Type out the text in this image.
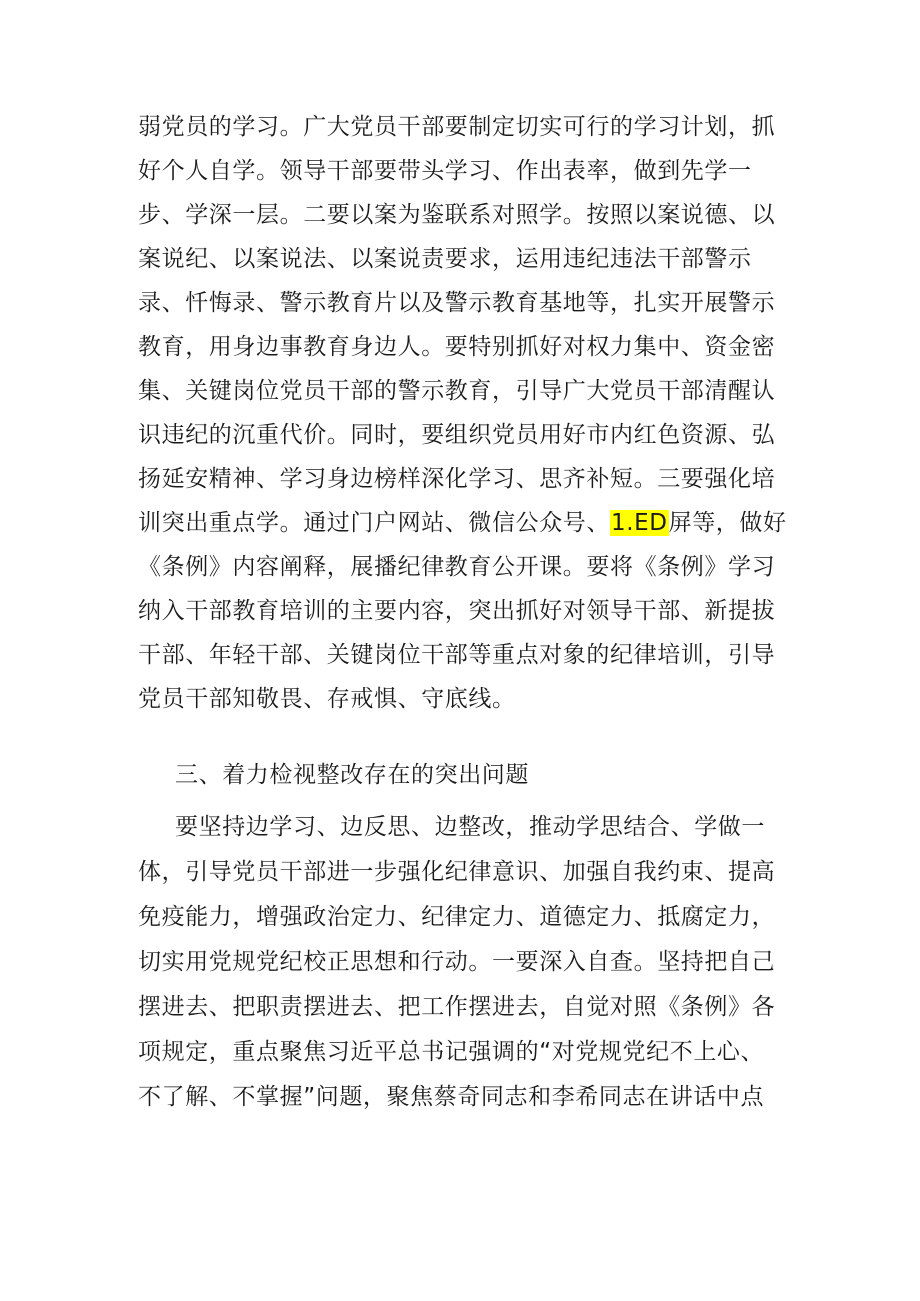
弱党员的学习。广大党员干部要制定切实可行的学习计划，抓
好个人自学。领导干部要带头学习、作出表率，做到先学一
步、学深一层。二要以案为鉴联系对照学。按照以案说德、以
案说纪、以案说法、以案说责要求，运用违纪违法干部警示
录、忏悔录、警示教育片以及警示教育基地等，扎实开展警示
教育，用身边事教育身边人。要特别抓好对权力集中、资金密
集、关键岗位党员干部的警示教育，引导广大党员干部清醒认
识违纪的沉重代价。同时，要组织党员用好市内红色资源、弘
扬延安精神、学习身边榜样深化学习、思齐补短。三要强化培
训突出重点学。通过门户网站、微信公众号、1.ED屏等，做好
《条例》内容阐释，展播纪律教育公开课。要将《条例》学习
纳入干部教育培训的主要内容，突出抓好对领导干部、新提拔
干部、年轻干部、关键岗位干部等重点对象的纪律培训，引导
党员干部知敬畏、存戒惧、守底线。
三、着力检视整改存在的突出问题
要坚持边学习、边反思、边整改，推动学思结合、学做一
体，引导党员干部进一步强化纪律意识、加强自我约束、提高
免疫能力，增强政治定力、纪律定力、道德定力、抵腐定力，
切实用党规党纪校正思想和行动。一要深入自查。坚持把自己
摆进去、把职责摆进去、把工作摆进去，自觉对照《条例》各
项规定，重点聚焦习近平总书记强调的“对党规党纪不上心、
不了解、不掌握”问题，聚焦蔡奇同志和李希同志在讲话中点
